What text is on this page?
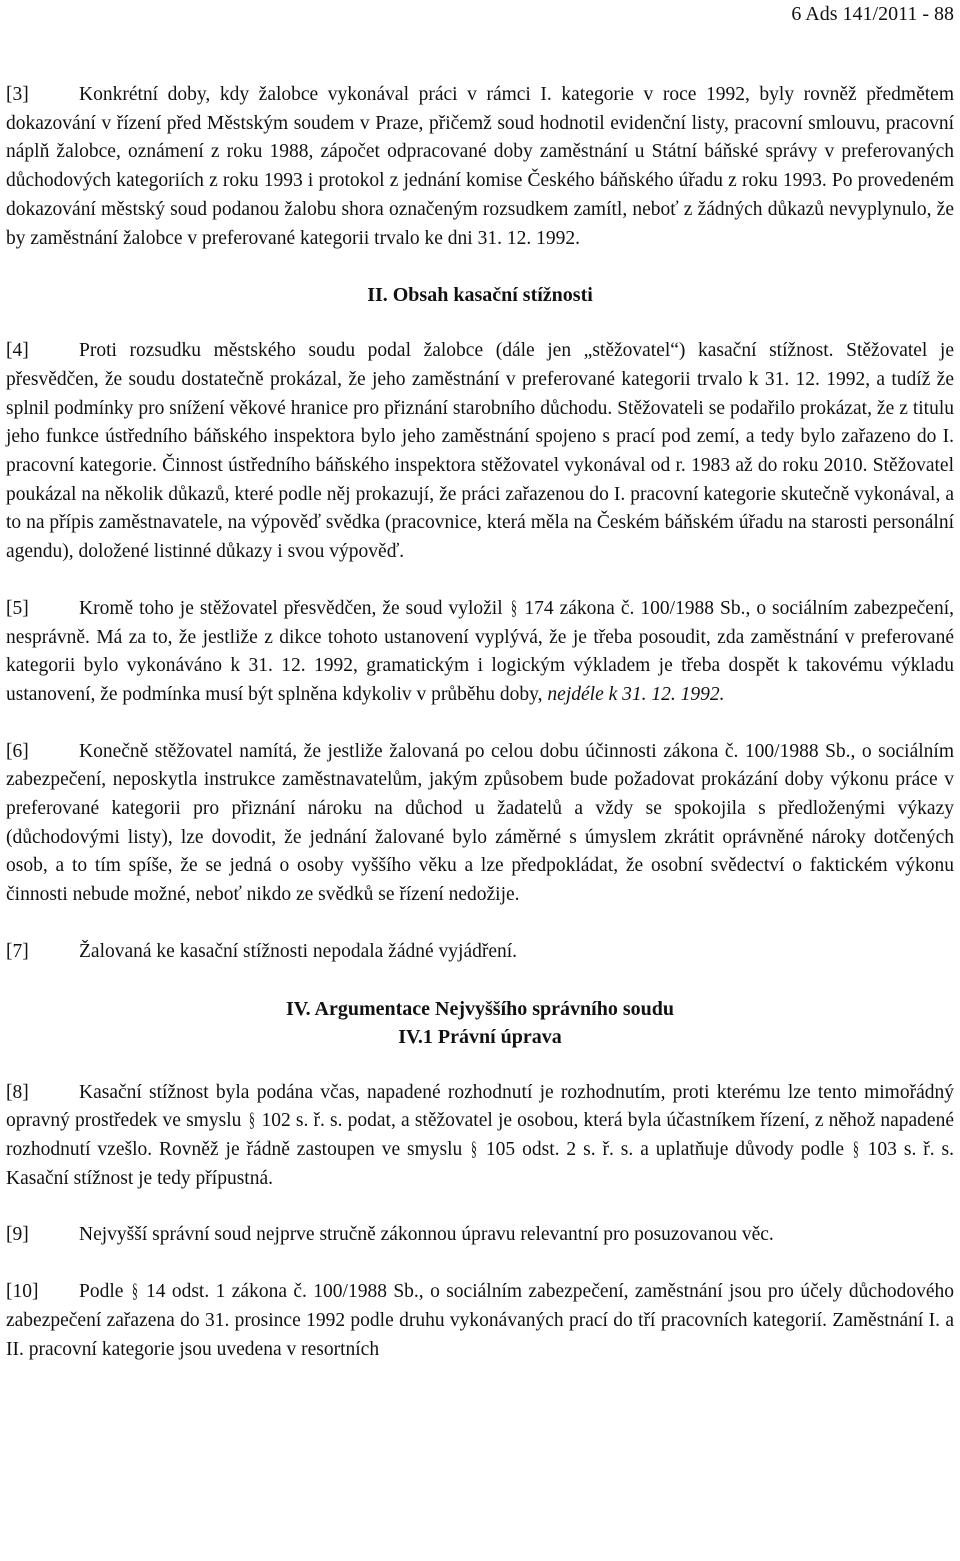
6 Ads 141/2011 - 88

[3]	Konkrétní doby, kdy žalobce vykonával práci v rámci I. kategorie v roce 1992, byly rovněž předmětem dokazování v řízení před Městským soudem v Praze, přičemž soud hodnotil evidenční listy, pracovní smlouvu, pracovní náplň žalobce, oznámení z roku 1988, zápočet odpracované doby zaměstnání u Státní báňské správy v preferovaných důchodových kategoriích z roku 1993 i protokol z jednání komise Českého báňského úřadu z roku 1993. Po provedeném dokazování městský soud podanou žalobu shora označeným rozsudkem zamítl, neboť z žádných důkazů nevyplynulo, že by zaměstnání žalobce v preferované kategorii trvalo ke dni 31. 12. 1992.

II. Obsah kasační stížnosti

[4]	Proti rozsudku městského soudu podal žalobce (dále jen „stěžovatel“) kasační stížnost. Stěžovatel je přesvědčen, že soudu dostatečně prokázal, že jeho zaměstnání v preferované kategorii trvalo k 31. 12. 1992, a tudíž že splnil podmínky pro snížení věkové hranice pro přiznání starobního důchodu. Stěžovateli se podařilo prokázat, že z titulu jeho funkce ústředního báňského inspektora bylo jeho zaměstnání spojeno s prací pod zemí, a tedy bylo zařazeno do I. pracovní kategorie. Činnost ústředního báňského inspektora stěžovatel vykonával od r. 1983 až do roku 2010. Stěžovatel poukázal na několik důkazů, které podle něj prokazují, že práci zařazenou do I. pracovní kategorie skutečně vykonával, a to na přípis zaměstnavatele, na výpověď svědka (pracovnice, která měla na Českém báňském úřadu na starosti personální agendu), doložené listinné důkazy i svou výpověď.

[5]	Kromě toho je stěžovatel přesvědčen, že soud vyložil § 174 zákona č. 100/1988 Sb., o sociálním zabezpečení, nesprávně. Má za to, že jestliže z dikce tohoto ustanovení vyplývá, že je třeba posoudit, zda zaměstnání v preferované kategorii bylo vykonáváno k 31. 12. 1992, gramatickým i logickým výkladem je třeba dospět k takovému výkladu ustanovení, že podmínka musí být splněna kdykoliv v průběhu doby, nejdéle k 31. 12. 1992.

[6]	Konečně stěžovatel namítá, že jestliže žalovaná po celou dobu účinnosti zákona č. 100/1988 Sb., o sociálním zabezpečení, neposkytla instrukce zaměstnavatelům, jakým způsobem bude požadovat prokázání doby výkonu práce v preferované kategorii pro přiznání nároku na důchod u žadatelů a vždy se spokojila s předloženými výkazy (důchodovými listy), lze dovodit, že jednání žalované bylo záměrné s úmyslem zkrátit oprávněné nároky dotčených osob, a to tím spíše, že se jedná o osoby vyššího věku a lze předpokládat, že osobní svědectví o faktickém výkonu činnosti nebude možné, neboť nikdo ze svědků se řízení nedožije.

[7]	Žalovaná ke kasační stížnosti nepodala žádné vyjádření.

IV. Argumentace Nejvyššího správního soudu
IV.1 Právní úprava

[8]	Kasační stížnost byla podána včas, napadené rozhodnutí je rozhodnutím, proti kterému lze tento mimořádný opravný prostředek ve smyslu § 102 s. ř. s. podat, a stěžovatel je osobou, která byla účastníkem řízení, z něhož napadené rozhodnutí vzešlo. Rovněž je řádně zastoupen ve smyslu § 105 odst. 2 s. ř. s. a uplatňuje důvody podle § 103 s. ř. s. Kasační stížnost je tedy přípustná.

[9]	Nejvyšší správní soud nejprve stručně zákonnou úpravu relevantní pro posuzovanou věc.

[10] Podle § 14 odst. 1 zákona č. 100/1988 Sb., o sociálním zabezpečení, zaměstnání jsou pro účely důchodového zabezpečení zařazena do 31. prosince 1992 podle druhu vykonávaných prací do tří pracovních kategorií. Zaměstnání I. a II. pracovní kategorie jsou uvedena v resortních
